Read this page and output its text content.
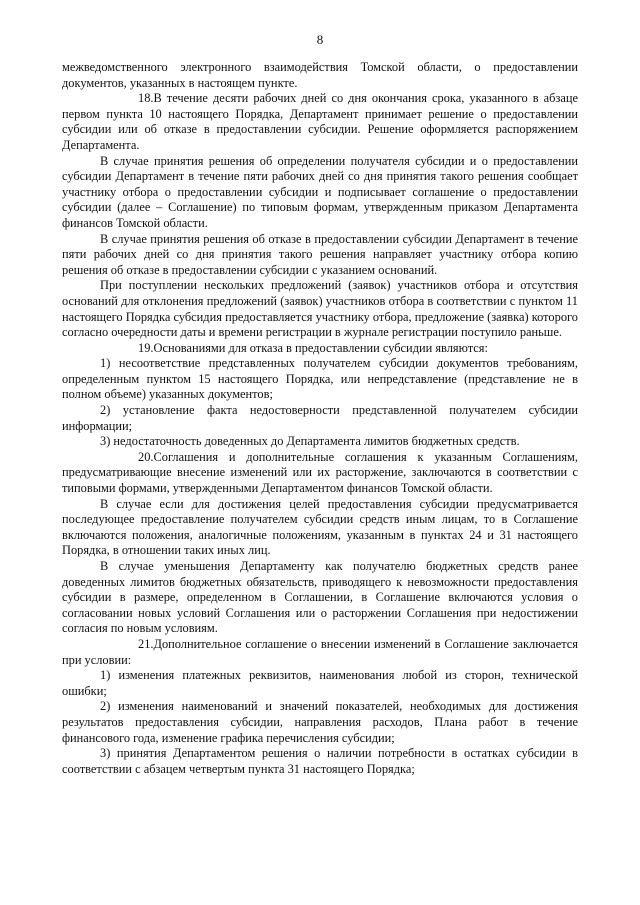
8

межведомственного электронного взаимодействия Томской области, о предоставлении документов, указанных в настоящем пункте.

18.В течение десяти рабочих дней со дня окончания срока, указанного в абзаце первом пункта 10 настоящего Порядка, Департамент принимает решение о предоставлении субсидии или об отказе в предоставлении субсидии. Решение оформляется распоряжением Департамента.

В случае принятия решения об определении получателя субсидии и о предоставлении субсидии Департамент в течение пяти рабочих дней со дня принятия такого решения сообщает участнику отбора о предоставлении субсидии и подписывает соглашение о предоставлении субсидии (далее – Соглашение) по типовым формам, утвержденным приказом Департамента финансов Томской области.

В случае принятия решения об отказе в предоставлении субсидии Департамент в течение пяти рабочих дней со дня принятия такого решения направляет участнику отбора копию решения об отказе в предоставлении субсидии с указанием оснований.

При поступлении нескольких предложений (заявок) участников отбора и отсутствия оснований для отклонения предложений (заявок) участников отбора в соответствии с пунктом 11 настоящего Порядка субсидия предоставляется участнику отбора, предложение (заявка) которого согласно очередности даты и времени регистрации в журнале регистрации поступило раньше.

19.Основаниями для отказа в предоставлении субсидии являются:

1) несоответствие представленных получателем субсидии документов требованиям, определенным пунктом 15 настоящего Порядка, или непредставление (представление не в полном объеме) указанных документов;

2) установление факта недостоверности представленной получателем субсидии информации;

3) недостаточность доведенных до Департамента лимитов бюджетных средств.

20.Соглашения и дополнительные соглашения к указанным Соглашениям, предусматривающие внесение изменений или их расторжение, заключаются в соответствии с типовыми формами, утвержденными Департаментом финансов Томской области.

В случае если для достижения целей предоставления субсидии предусматривается последующее предоставление получателем субсидии средств иным лицам, то в Соглашение включаются положения, аналогичные положениям, указанным в пунктах 24 и 31 настоящего Порядка, в отношении таких иных лиц.

В случае уменьшения Департаменту как получателю бюджетных средств ранее доведенных лимитов бюджетных обязательств, приводящего к невозможности предоставления субсидии в размере, определенном в Соглашении, в Соглашение включаются условия о согласовании новых условий Соглашения или о расторжении Соглашения при недостижении согласия по новым условиям.

21.Дополнительное соглашение о внесении изменений в Соглашение заключается при условии:

1) изменения платежных реквизитов, наименования любой из сторон, технической ошибки;

2) изменения наименований и значений показателей, необходимых для достижения результатов предоставления субсидии, направления расходов, Плана работ в течение финансового года, изменение графика перечисления субсидии;

3) принятия Департаментом решения о наличии потребности в остатках субсидии в соответствии с абзацем четвертым пункта 31 настоящего Порядка;
